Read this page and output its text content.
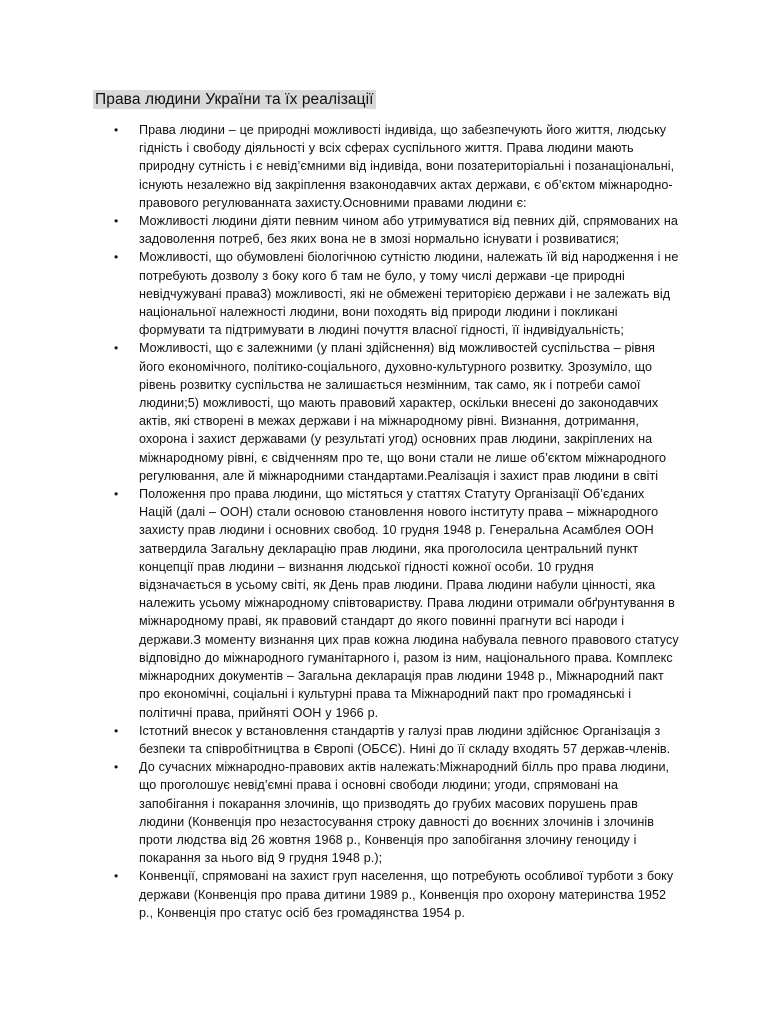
Права людини України та їх реалізації
• Права людини – це природні можливості індивіда, що забезпечують його життя, людську гідність і свободу діяльності у всіх сферах суспільного життя. Права людини мають природну сутність і є невід’ємними від індивіда, вони позатериторіальні і позанаціональні, існують незалежно від закріплення взаконодавчих актах держави, є об’єктом міжнародно-правового регулюванната захисту.Основними правами людини є:
• Можливості людини діяти певним чином або утримуватися від певних дій, спрямованих на задоволення потреб, без яких вона не в змозі нормально існувати і розвиватися;
• Можливості, що обумовлені біологічною сутністю людини, належать їй від народження і не потребують дозволу з боку кого б там не було, у тому числі держави -це природні невідчужувані права3) можливості, які не обмежені територією держави і не залежать від національної належності людини, вони походять від природи людини і покликані формувати та підтримувати в людині почуття власної гідності, її індивідуальність;
• Можливості, що є залежними (у плані здійснення) від можливостей суспільства – рівня його економічного, політико-соціального, духовно-культурного розвитку. Зрозуміло, що рівень розвитку суспільства не залишається незмінним, так само, як і потреби самої людини;5) можливості, що мають правовий характер, оскільки внесені до законодавчих актів, які створені в межах держави і на міжнародному рівні. Визнання, дотримання, охорона і захист державами (у результаті угод) основних прав людини, закріплених на міжнародному рівні, є свідченням про те, що вони стали не лише об’єктом міжнародного регулювання, але й міжнародними стандартами.Реалізація і захист прав людини в світі
• Положення про права людини, що містяться у статтях Статуту Організації Об’єданих Націй (далі – ООН) стали основою становлення нового інституту права – міжнародного захисту прав людини і основних свобод. 10 грудня 1948 р. Генеральна Асамблея ООН затвердила Загальну декларацію прав людини, яка проголосила центральний пункт концепції прав людини – визнання людської гідності кожної особи. 10 грудня відзначається в усьому світі, як День прав людини. Права людини набули цінності, яка належить усьому міжнародному співтовариству. Права людини отримали обґрунтування в міжнародному праві, як правовий стандарт до якого повинні прагнути всі народи і держави.З моменту визнання цих прав кожна людина набувала певного правового статусу відповідно до міжнародного гуманітарного і, разом із ним, національного права. Комплекс міжнародних документів – Загальна декларація прав людини 1948 р., Міжнародний пакт про економічні, соціальні і культурні права та Міжнародний пакт про громадянські і політичні права, прийняті ООН у 1966 р.
• Істотний внесок у встановлення стандартів у галузі прав людини здійснює Організація з безпеки та співробітництва в Європі (ОБСЄ). Нині до її складу входять 57 держав-членів.
• До сучасних міжнародно-правових актів належать:Міжнародний білль про права людини, що проголошує невід’ємні права і основні свободи людини; угоди, спрямовані на запобігання і покарання злочинів, що призводять до грубих масових порушень прав людини (Конвенція про незастосування строку давності до воєнних злочинів і злочинів проти людства від 26 жовтня 1968 р., Конвенція про запобігання злочину геноциду і покарання за нього від 9 грудня 1948 р.);
• Конвенції, спрямовані на захист груп населення, що потребують особливої турботи з боку держави (Конвенція про права дитини 1989 р., Конвенція про охорону материнства 1952 р., Конвенція про статус осіб без громадянства 1954 р.
